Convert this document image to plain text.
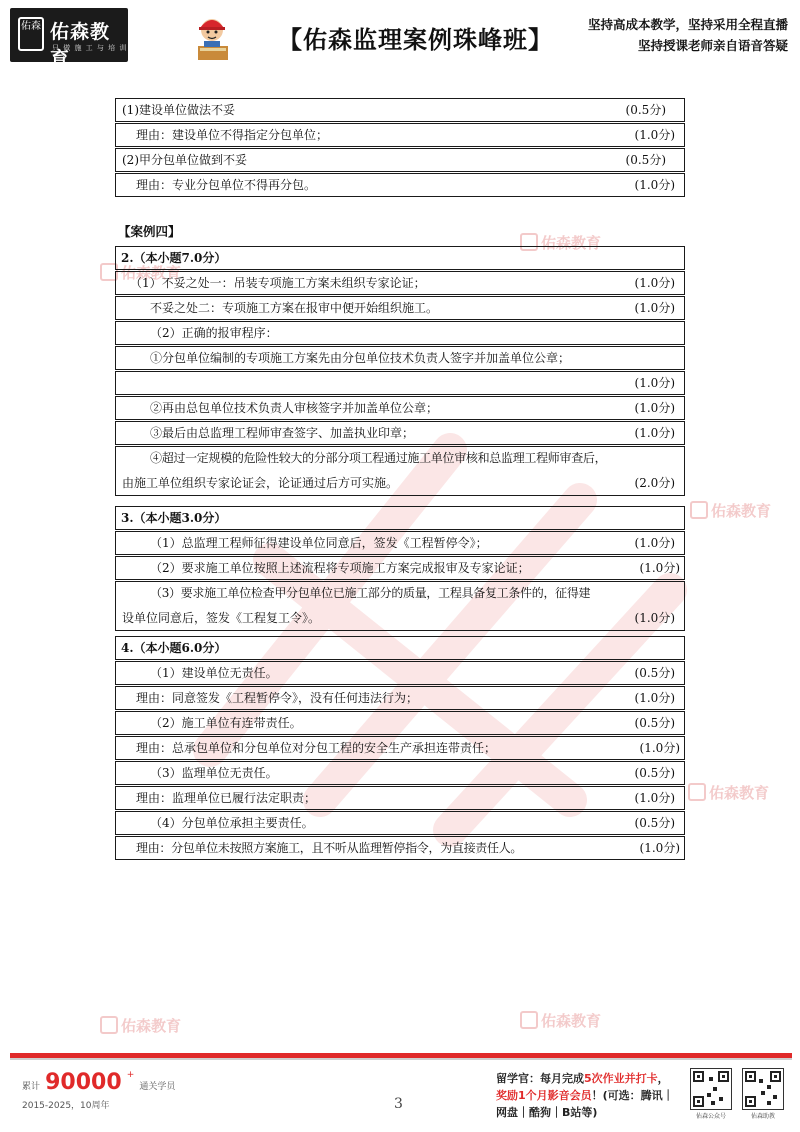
佑森 佑森教育
只 做 施 工 与 培 训	【佑森监理案例珠峰班】
坚持高成本教学，坚持采用全程直播
坚持授课老师亲自语音答疑
佑森教育
佑森教育
佑森教育
佑森教育
佑森教育	佑森教育
(1)建设单位做法不妥	(0.5分)
理由：建设单位不得指定分包单位；	(1.0分)
(2)甲分包单位做到不妥	(0.5分)
理由：专业分包单位不得再分包。	(1.0分)
【案例四】
2.（本小题7.0分）
（1）不妥之处一：吊装专项施工方案未组织专家论证；	(1.0分)
不妥之处二：专项施工方案在报审中便开始组织施工。	(1.0分)
（2）正确的报审程序：
①分包单位编制的专项施工方案先由分包单位技术负责人签字并加盖单位公章；
(1.0分)
②再由总包单位技术负责人审核签字并加盖单位公章；	(1.0分)
③最后由总监理工程师审查签字、加盖执业印章；	(1.0分)
④超过一定规模的危险性较大的分部分项工程通过施工单位审核和总监理工程师审查后，
由施工单位组织专家论证会，论证通过后方可实施。	(2.0分)
3.（本小题3.0分）
（1）总监理工程师征得建设单位同意后，签发《工程暂停令》；	(1.0分)
（2）要求施工单位按照上述流程将专项施工方案完成报审及专家论证；	(1.0分)
（3）要求施工单位检查甲分包单位已施工部分的质量，工程具备复工条件的，征得建
设单位同意后，签发《工程复工令》。	(1.0分)
4.（本小题6.0分）
（1）建设单位无责任。	(0.5分)
理由：同意签发《工程暂停令》，没有任何违法行为；	(1.0分)
（2）施工单位有连带责任。	(0.5分)
理由：总承包单位和分包单位对分包工程的安全生产承担连带责任；	(1.0分)
（3）监理单位无责任。	(0.5分)
理由：监理单位已履行法定职责；	(1.0分)
（4）分包单位承担主要责任。	(0.5分)
理由：分包单位未按照方案施工，且不听从监理暂停指令，为直接责任人。	(1.0分)
累计 90000 + 通关学员
2015-2025，10周年	3
留学官：每月完成5次作业并打卡，
奖励1个月影音会员！(可选：腾讯｜
网盘｜酷狗｜B站等)	佑森公众号	佑森助教
